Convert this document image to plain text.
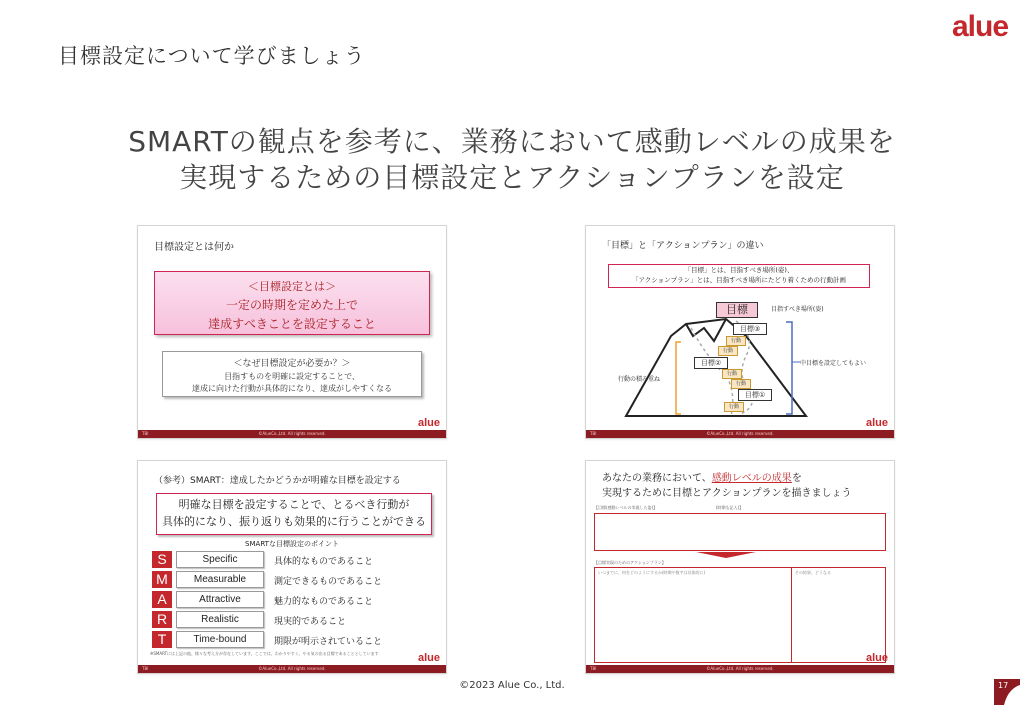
目標設定について学びましょう
alue
SMARTの観点を参考に、業務において感動レベルの成果を
実現するための目標設定とアクションプランを設定
目標設定とは何か
＜目標設定とは＞
一定の時期を定めた上で
達成すべきことを設定すること
＜なぜ目標設定が必要か？＞
目指すものを明確に設定することで、
達成に向けた行動が具体的になり、達成がしやすくなる
alue
TBI	©AlueCo.,Ltd. All rights reserved.
「目標」と「アクションプラン」の違い
「目標」とは、目指すべき場所(姿)、
「アクションプラン」とは、目指すべき場所にたどり着くための行動計画
目標	目指すべき場所(姿)
目標③
行動
行動
目標②
行動
行動
目標①
行動
行動の積み重ね
中目標を設定してもよい
alue
TBI	©AlueCo.,Ltd. All rights reserved.
（参考）SMART：達成したかどうかが明確な目標を設定する
明確な目標を設定することで、とるべき行動が
具体的になり、振り返りも効果的に行うことができる
SMARTな目標設定のポイント
S	Specific	具体的なものであること
M	Measurable	測定できるものであること
A	Attractive	魅力的なものであること
R	Realistic	現実的であること
T	Time-bound	期限が明示されていること
※SMARTには上記の他、様々な考え方が存在しています。ここでは、わかりやすく、やる気の出る目標であることとしています	alue
TBI	©AlueCo.,Ltd. All rights reserved.
あなたの業務において、感動レベルの成果を
実現するために目標とアクションプランを描きましょう
【目標(感動レベルの実現した姿)】	(時期も記入)】
【目標実現のためのアクションプラン】
いつまでに、何をどのようにするか(時期や数字は具体的に)	その結果、どうなる
alue
TBI	©AlueCo.,Ltd. All rights reserved.
©2023 Alue Co., Ltd.	17
